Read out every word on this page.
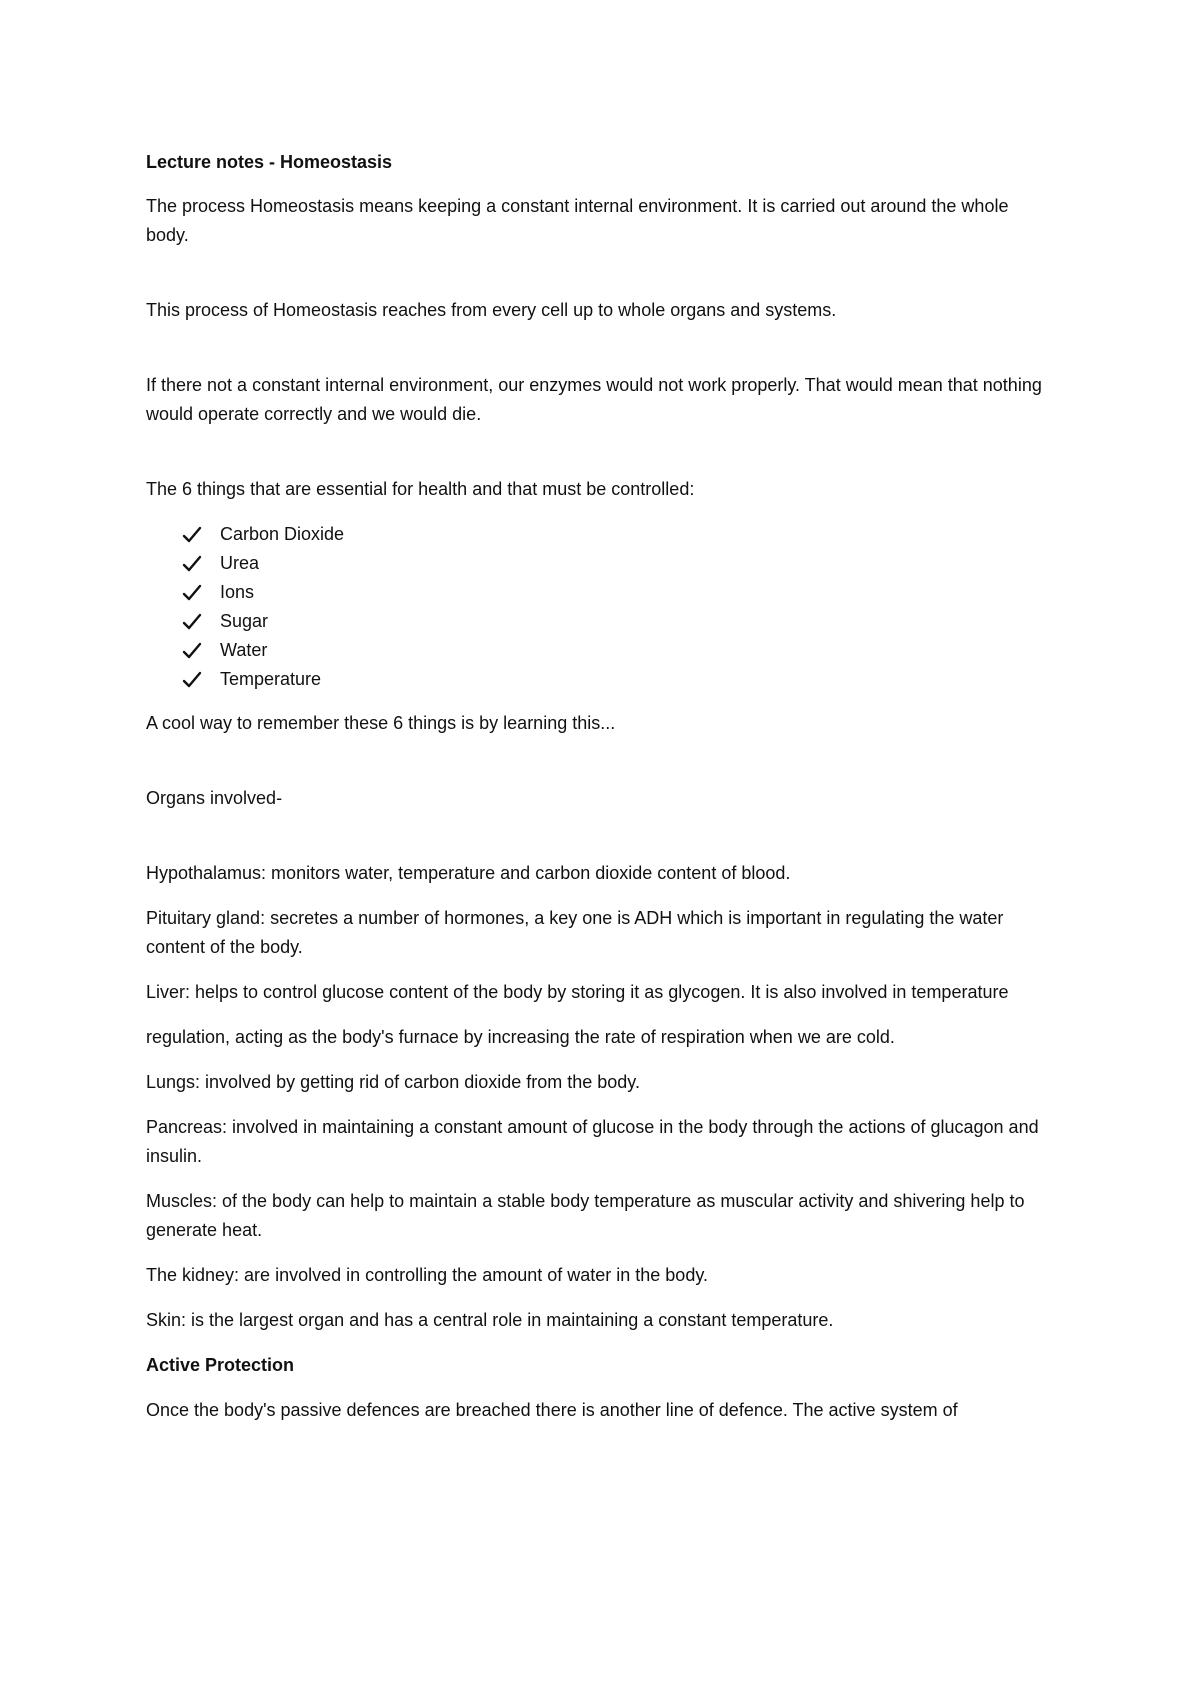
Lecture notes - Homeostasis

The process Homeostasis means keeping a constant internal environment. It is carried out around the whole body.

This process of Homeostasis reaches from every cell up to whole organs and systems.

If there not a constant internal environment, our enzymes would not work properly. That would mean that nothing would operate correctly and we would die.

The 6 things that are essential for health and that must be controlled:

Carbon Dioxide
Urea
Ions
Sugar
Water
Temperature

A cool way to remember these 6 things is by learning this...

Organs involved-

Hypothalamus: monitors water, temperature and carbon dioxide content of blood.

Pituitary gland: secretes a number of hormones, a key one is ADH which is important in regulating the water content of the body.

Liver: helps to control glucose content of the body by storing it as glycogen. It is also involved in temperature

regulation, acting as the body's furnace by increasing the rate of respiration when we are cold.

Lungs: involved by getting rid of carbon dioxide from the body.

Pancreas: involved in maintaining a constant amount of glucose in the body through the actions of glucagon and insulin.

Muscles: of the body can help to maintain a stable body temperature as muscular activity and shivering help to generate heat.

The kidney: are involved in controlling the amount of water in the body.

Skin: is the largest organ and has a central role in maintaining a constant temperature.

Active Protection

Once the body's passive defences are breached there is another line of defence. The active system of
